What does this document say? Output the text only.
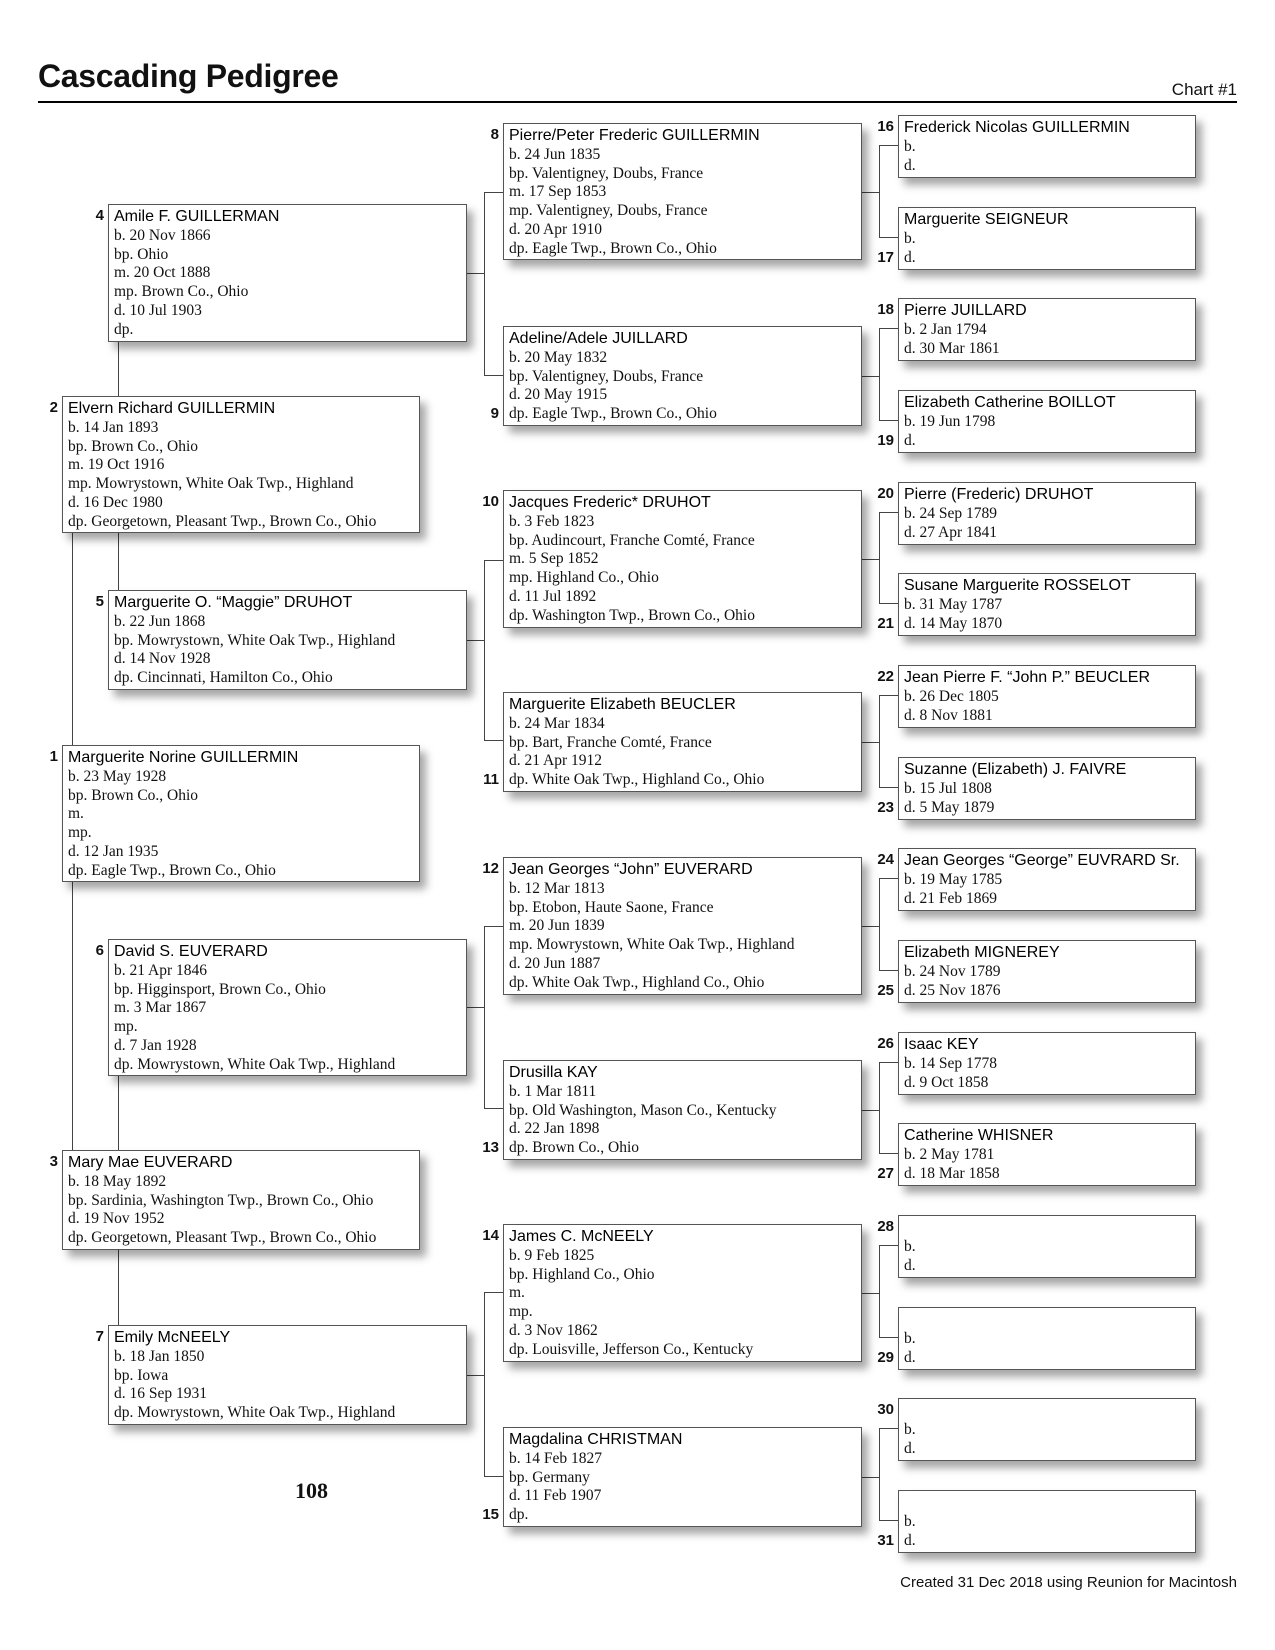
Cascading Pedigree	Chart #1
Marguerite Norine GUILLERMIN
b. 23 May 1928
bp. Brown Co., Ohio
m.
mp.
d. 12 Jan 1935
dp. Eagle Twp., Brown Co., Ohio
1
Elvern Richard GUILLERMIN
b. 14 Jan 1893
bp. Brown Co., Ohio
m. 19 Oct 1916
mp. Mowrystown, White Oak Twp., Highland
d. 16 Dec 1980
dp. Georgetown, Pleasant Twp., Brown Co., Ohio
2
Mary Mae EUVERARD
b. 18 May 1892
bp. Sardinia, Washington Twp., Brown Co., Ohio
d. 19 Nov 1952
dp. Georgetown, Pleasant Twp., Brown Co., Ohio
3
Amile F. GUILLERMAN
b. 20 Nov 1866
bp. Ohio
m. 20 Oct 1888
mp. Brown Co., Ohio
d. 10 Jul 1903
dp.
4
Marguerite O. “Maggie” DRUHOT
b. 22 Jun 1868
bp. Mowrystown, White Oak Twp., Highland
d. 14 Nov 1928
dp. Cincinnati, Hamilton Co., Ohio
5
David S. EUVERARD
b. 21 Apr 1846
bp. Higginsport, Brown Co., Ohio
m. 3 Mar 1867
mp.
d. 7 Jan 1928
dp. Mowrystown, White Oak Twp., Highland
6
Emily McNEELY
b. 18 Jan 1850
bp. Iowa
d. 16 Sep 1931
dp. Mowrystown, White Oak Twp., Highland
7
Pierre/Peter Frederic GUILLERMIN
b. 24 Jun 1835
bp. Valentigney, Doubs, France
m. 17 Sep 1853
mp. Valentigney, Doubs, France
d. 20 Apr 1910
dp. Eagle Twp., Brown Co., Ohio
8
Adeline/Adele JUILLARD
b. 20 May 1832
bp. Valentigney, Doubs, France
d. 20 May 1915
dp. Eagle Twp., Brown Co., Ohio
9
Jacques Frederic* DRUHOT
b. 3 Feb 1823
bp. Audincourt, Franche Comté, France
m. 5 Sep 1852
mp. Highland Co., Ohio
d. 11 Jul 1892
dp. Washington Twp., Brown Co., Ohio
10
Marguerite Elizabeth BEUCLER
b. 24 Mar 1834
bp. Bart, Franche Comté, France
d. 21 Apr 1912
dp. White Oak Twp., Highland Co., Ohio
11
Jean Georges “John” EUVERARD
b. 12 Mar 1813
bp. Etobon, Haute Saone, France
m. 20 Jun 1839
mp. Mowrystown, White Oak Twp., Highland
d. 20 Jun 1887
dp. White Oak Twp., Highland Co., Ohio
12
Drusilla KAY
b. 1 Mar 1811
bp. Old Washington, Mason Co., Kentucky
d. 22 Jan 1898
dp. Brown Co., Ohio
13
James C. McNEELY
b. 9 Feb 1825
bp. Highland Co., Ohio
m.
mp.
d. 3 Nov 1862
dp. Louisville, Jefferson Co., Kentucky
14
Magdalina CHRISTMAN
b. 14 Feb 1827
bp. Germany
d. 11 Feb 1907
dp.
15
Frederick Nicolas GUILLERMIN
b.
d.
16
Marguerite SEIGNEUR
b.
d.
17
Pierre JUILLARD
b. 2 Jan 1794
d. 30 Mar 1861
18
Elizabeth Catherine BOILLOT
b. 19 Jun 1798
d.
19
Pierre (Frederic) DRUHOT
b. 24 Sep 1789
d. 27 Apr 1841
20
Susane Marguerite ROSSELOT
b. 31 May 1787
d. 14 May 1870
21
Jean Pierre F. “John P.” BEUCLER
b. 26 Dec 1805
d. 8 Nov 1881
22
Suzanne (Elizabeth) J. FAIVRE
b. 15 Jul 1808
d. 5 May 1879
23
Jean Georges “George” EUVRARD Sr.
b. 19 May 1785
d. 21 Feb 1869
24
Elizabeth MIGNEREY
b. 24 Nov 1789
d. 25 Nov 1876
25
Isaac KEY
b. 14 Sep 1778
d. 9 Oct 1858
26
Catherine WHISNER
b. 2 May 1781
d. 18 Mar 1858
27
b.
d.
28
b.
d.
29
b.
d.
30
b.
d.
31
108
Created 31 Dec 2018 using Reunion for Macintosh
